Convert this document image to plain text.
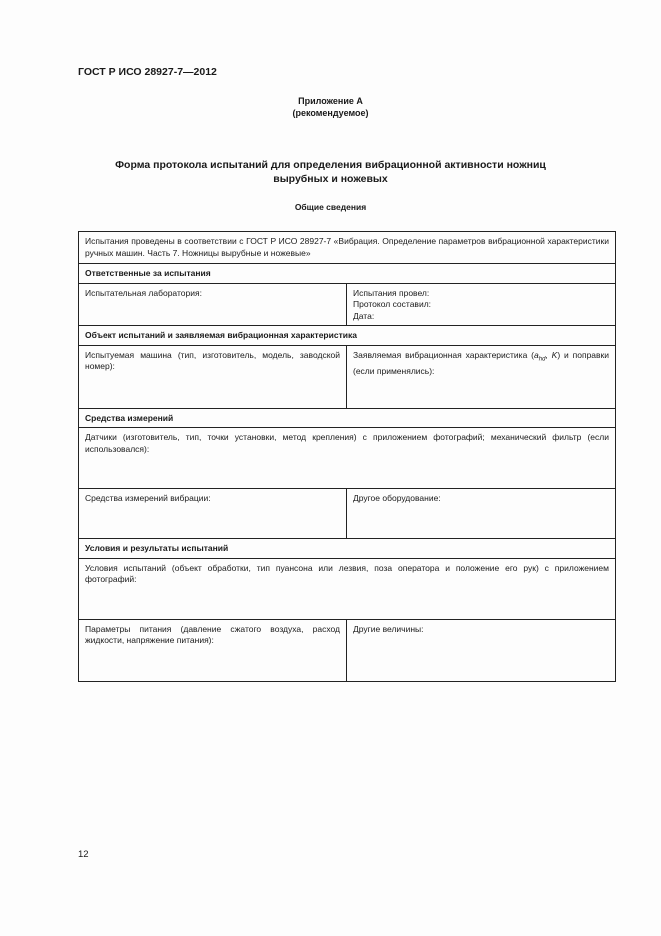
ГОСТ Р ИСО 28927-7—2012
Приложение А
(рекомендуемое)
Форма протокола испытаний для определения вибрационной активности ножниц
вырубных и ножевых
Общие сведения
Испытания проведены в соответствии с ГОСТ Р ИСО 28927-7 «Вибрация. Определение параметров вибрационной характеристики ручных машин. Часть 7. Ножницы вырубные и ножевые»	
Ответственные за испытания	
Испытательная лаборатория:	Испытания провел:
Протокол составил:
Дата:

Объект испытаний и заявляемая вибрационная характеристика	
Испытуемая машина (тип, изготовитель, модель, заводской номер):	Заявляемая вибрационная характеристика ($a_{hd}$, K) и поправки (если применялись):
Средства измерений	
Датчики (изготовитель, тип, точки установки, метод крепления) с приложением фотографий; механический фильтр (если использовался):	
Средства измерений вибрации:	Другое оборудование:
Условия и результаты испытаний	
Условия испытаний (объект обработки, тип пуансона или лезвия, поза оператора и положение его рук) с приложением фотографий:	
Параметры питания (давление сжатого воздуха, расход жидкости, напряжение питания):	Другие величины:
12
